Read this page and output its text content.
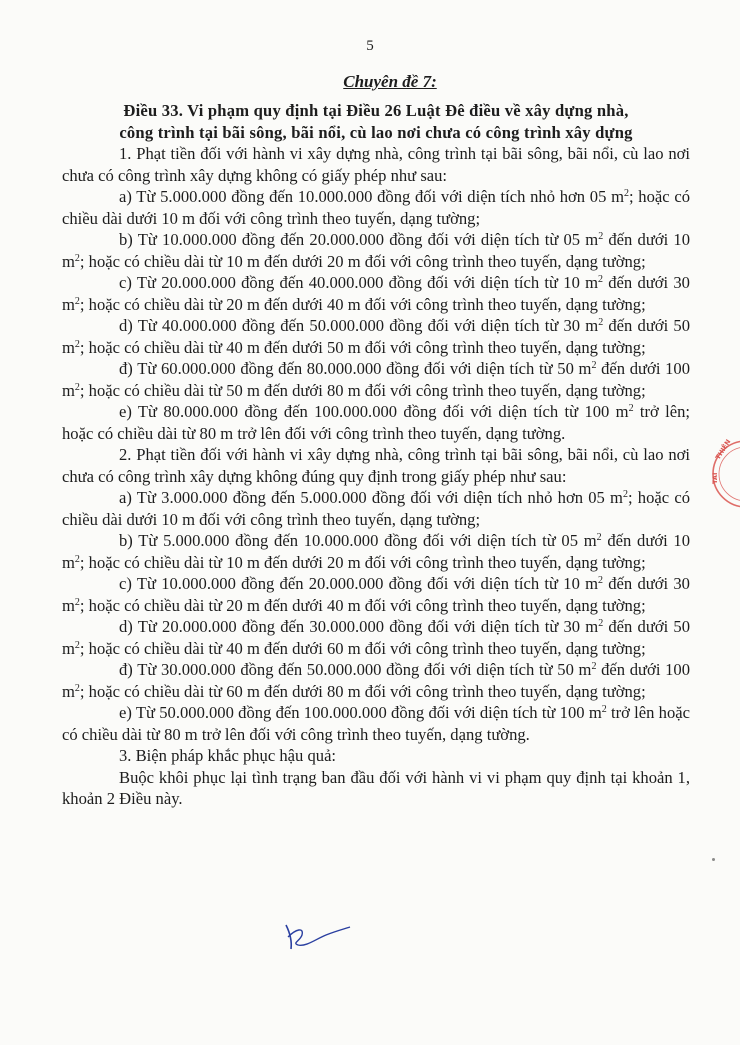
5
Chuyên đề 7:

Điều 33. Vi phạm quy định tại Điều 26 Luật Đê điều về xây dựng nhà,
công trình tại bãi sông, bãi nổi, cù lao nơi chưa có công trình xây dựng

1. Phạt tiền đối với hành vi xây dựng nhà, công trình tại bãi sông, bãi nổi, cù lao nơi chưa có công trình xây dựng không có giấy phép như sau:

a) Từ 5.000.000 đồng đến 10.000.000 đồng đối với diện tích nhỏ hơn 05 $m^2$; hoặc có chiều dài dưới 10 m đối với công trình theo tuyến, dạng tường;

b) Từ 10.000.000 đồng đến 20.000.000 đồng đối với diện tích từ 05 $m^2$ đến dưới 10 $m^2$; hoặc có chiều dài từ 10 m đến dưới 20 m đối với công trình theo tuyến, dạng tường;

c) Từ 20.000.000 đồng đến 40.000.000 đồng đối với diện tích từ 10 $m^2$ đến dưới 30 $m^2$; hoặc có chiều dài từ 20 m đến dưới 40 m đối với công trình theo tuyến, dạng tường;

d) Từ 40.000.000 đồng đến 50.000.000 đồng đối với diện tích từ 30 $m^2$ đến dưới 50 $m^2$; hoặc có chiều dài từ 40 m đến dưới 50 m đối với công trình theo tuyến, dạng tường;

đ) Từ 60.000.000 đồng đến 80.000.000 đồng đối với diện tích từ 50 $m^2$ đến dưới 100 $m^2$; hoặc có chiều dài từ 50 m đến dưới 80 m đối với công trình theo tuyến, dạng tường;

e) Từ 80.000.000 đồng đến 100.000.000 đồng đối với diện tích từ 100 $m^2$ trở lên; hoặc có chiều dài từ 80 m trở lên đối với công trình theo tuyến, dạng tường.

2. Phạt tiền đối với hành vi xây dựng nhà, công trình tại bãi sông, bãi nổi, cù lao nơi chưa có công trình xây dựng không đúng quy định trong giấy phép như sau:

a) Từ 3.000.000 đồng đến 5.000.000 đồng đối với diện tích nhỏ hơn 05 $m^2$; hoặc có chiều dài dưới 10 m đối với công trình theo tuyến, dạng tường;

b) Từ 5.000.000 đồng đến 10.000.000 đồng đối với diện tích từ 05 $m^2$ đến dưới 10 $m^2$; hoặc có chiều dài từ 10 m đến dưới 20 m đối với công trình theo tuyến, dạng tường;

c) Từ 10.000.000 đồng đến 20.000.000 đồng đối với diện tích từ 10 $m^2$ đến dưới 30 $m^2$; hoặc có chiều dài từ 20 m đến dưới 40 m đối với công trình theo tuyến, dạng tường;

d) Từ 20.000.000 đồng đến 30.000.000 đồng đối với diện tích từ 30 $m^2$ đến dưới 50 $m^2$; hoặc có chiều dài từ 40 m đến dưới 60 m đối với công trình theo tuyến, dạng tường;

đ) Từ 30.000.000 đồng đến 50.000.000 đồng đối với diện tích từ 50 $m^2$ đến dưới 100 $m^2$; hoặc có chiều dài từ 60 m đến dưới 80 m đối với công trình theo tuyến, dạng tường;

e) Từ 50.000.000 đồng đến 100.000.000 đồng đối với diện tích từ 100 $m^2$ trở lên hoặc có chiều dài từ 80 m trở lên đối với công trình theo tuyến, dạng tường.

3. Biện pháp khắc phục hậu quả:

Buộc khôi phục lại tình trạng ban đầu đối với hành vi vi phạm quy định tại khoản 1, khoản 2 Điều này.

THIÊN
TAI
